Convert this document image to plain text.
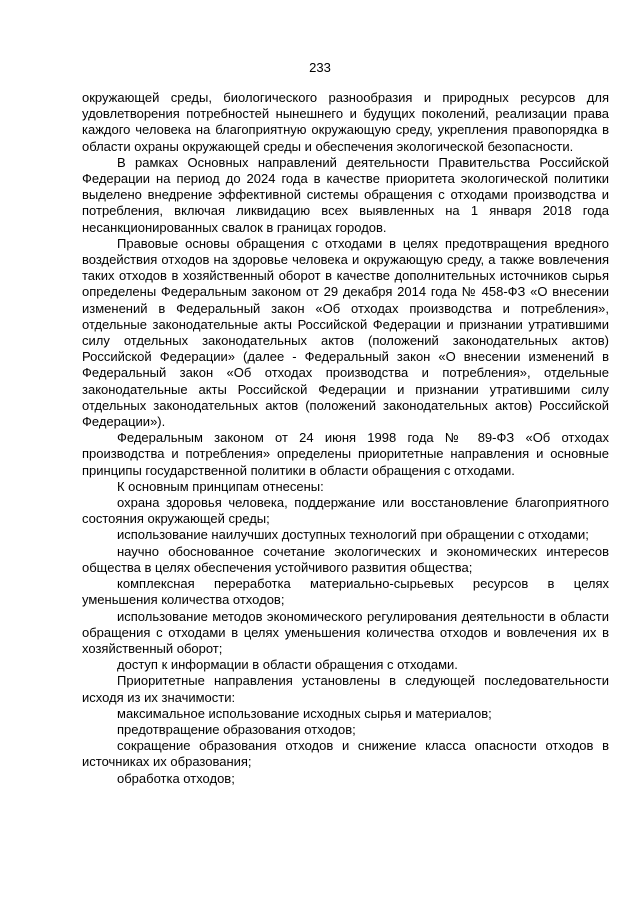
233

окружающей среды, биологического разнообразия и природных ресурсов для удовлетворения потребностей нынешнего и будущих поколений, реализации права каждого человека на благоприятную окружающую среду, укрепления правопорядка в области охраны окружающей среды и обеспечения экологической безопасности.

В рамках Основных направлений деятельности Правительства Российской Федерации на период до 2024 года в качестве приоритета экологической политики выделено внедрение эффективной системы обращения с отходами производства и потребления, включая ликвидацию всех выявленных на 1 января 2018 года несанкционированных свалок в границах городов.

Правовые основы обращения с отходами в целях предотвращения вредного воздействия отходов на здоровье человека и окружающую среду, а также вовлечения таких отходов в хозяйственный оборот в качестве дополнительных источников сырья определены Федеральным законом от 29 декабря 2014 года № 458-ФЗ «О внесении изменений в Федеральный закон «Об отходах производства и потребления», отдельные законодательные акты Российской Федерации и признании утратившими силу отдельных законодательных актов (положений законодательных актов) Российской Федерации» (далее - Федеральный закон «О внесении изменений в Федеральный закон «Об отходах производства и потребления», отдельные законодательные акты Российской Федерации и признании утратившими силу отдельных законодательных актов (положений законодательных актов) Российской Федерации»).

Федеральным законом от 24 июня 1998 года № 89-ФЗ «Об отходах производства и потребления» определены приоритетные направления и основные принципы государственной политики в области обращения с отходами.

К основным принципам отнесены:

охрана здоровья человека, поддержание или восстановление благоприятного состояния окружающей среды;

использование наилучших доступных технологий при обращении с отходами;

научно обоснованное сочетание экологических и экономических интересов общества в целях обеспечения устойчивого развития общества;

комплексная переработка материально-сырьевых ресурсов в целях уменьшения количества отходов;

использование методов экономического регулирования деятельности в области обращения с отходами в целях уменьшения количества отходов и вовлечения их в хозяйственный оборот;

доступ к информации в области обращения с отходами.

Приоритетные направления установлены в следующей последовательности исходя из их значимости:

максимальное использование исходных сырья и материалов;

предотвращение образования отходов;

сокращение образования отходов и снижение класса опасности отходов в источниках их образования;

обработка отходов;
